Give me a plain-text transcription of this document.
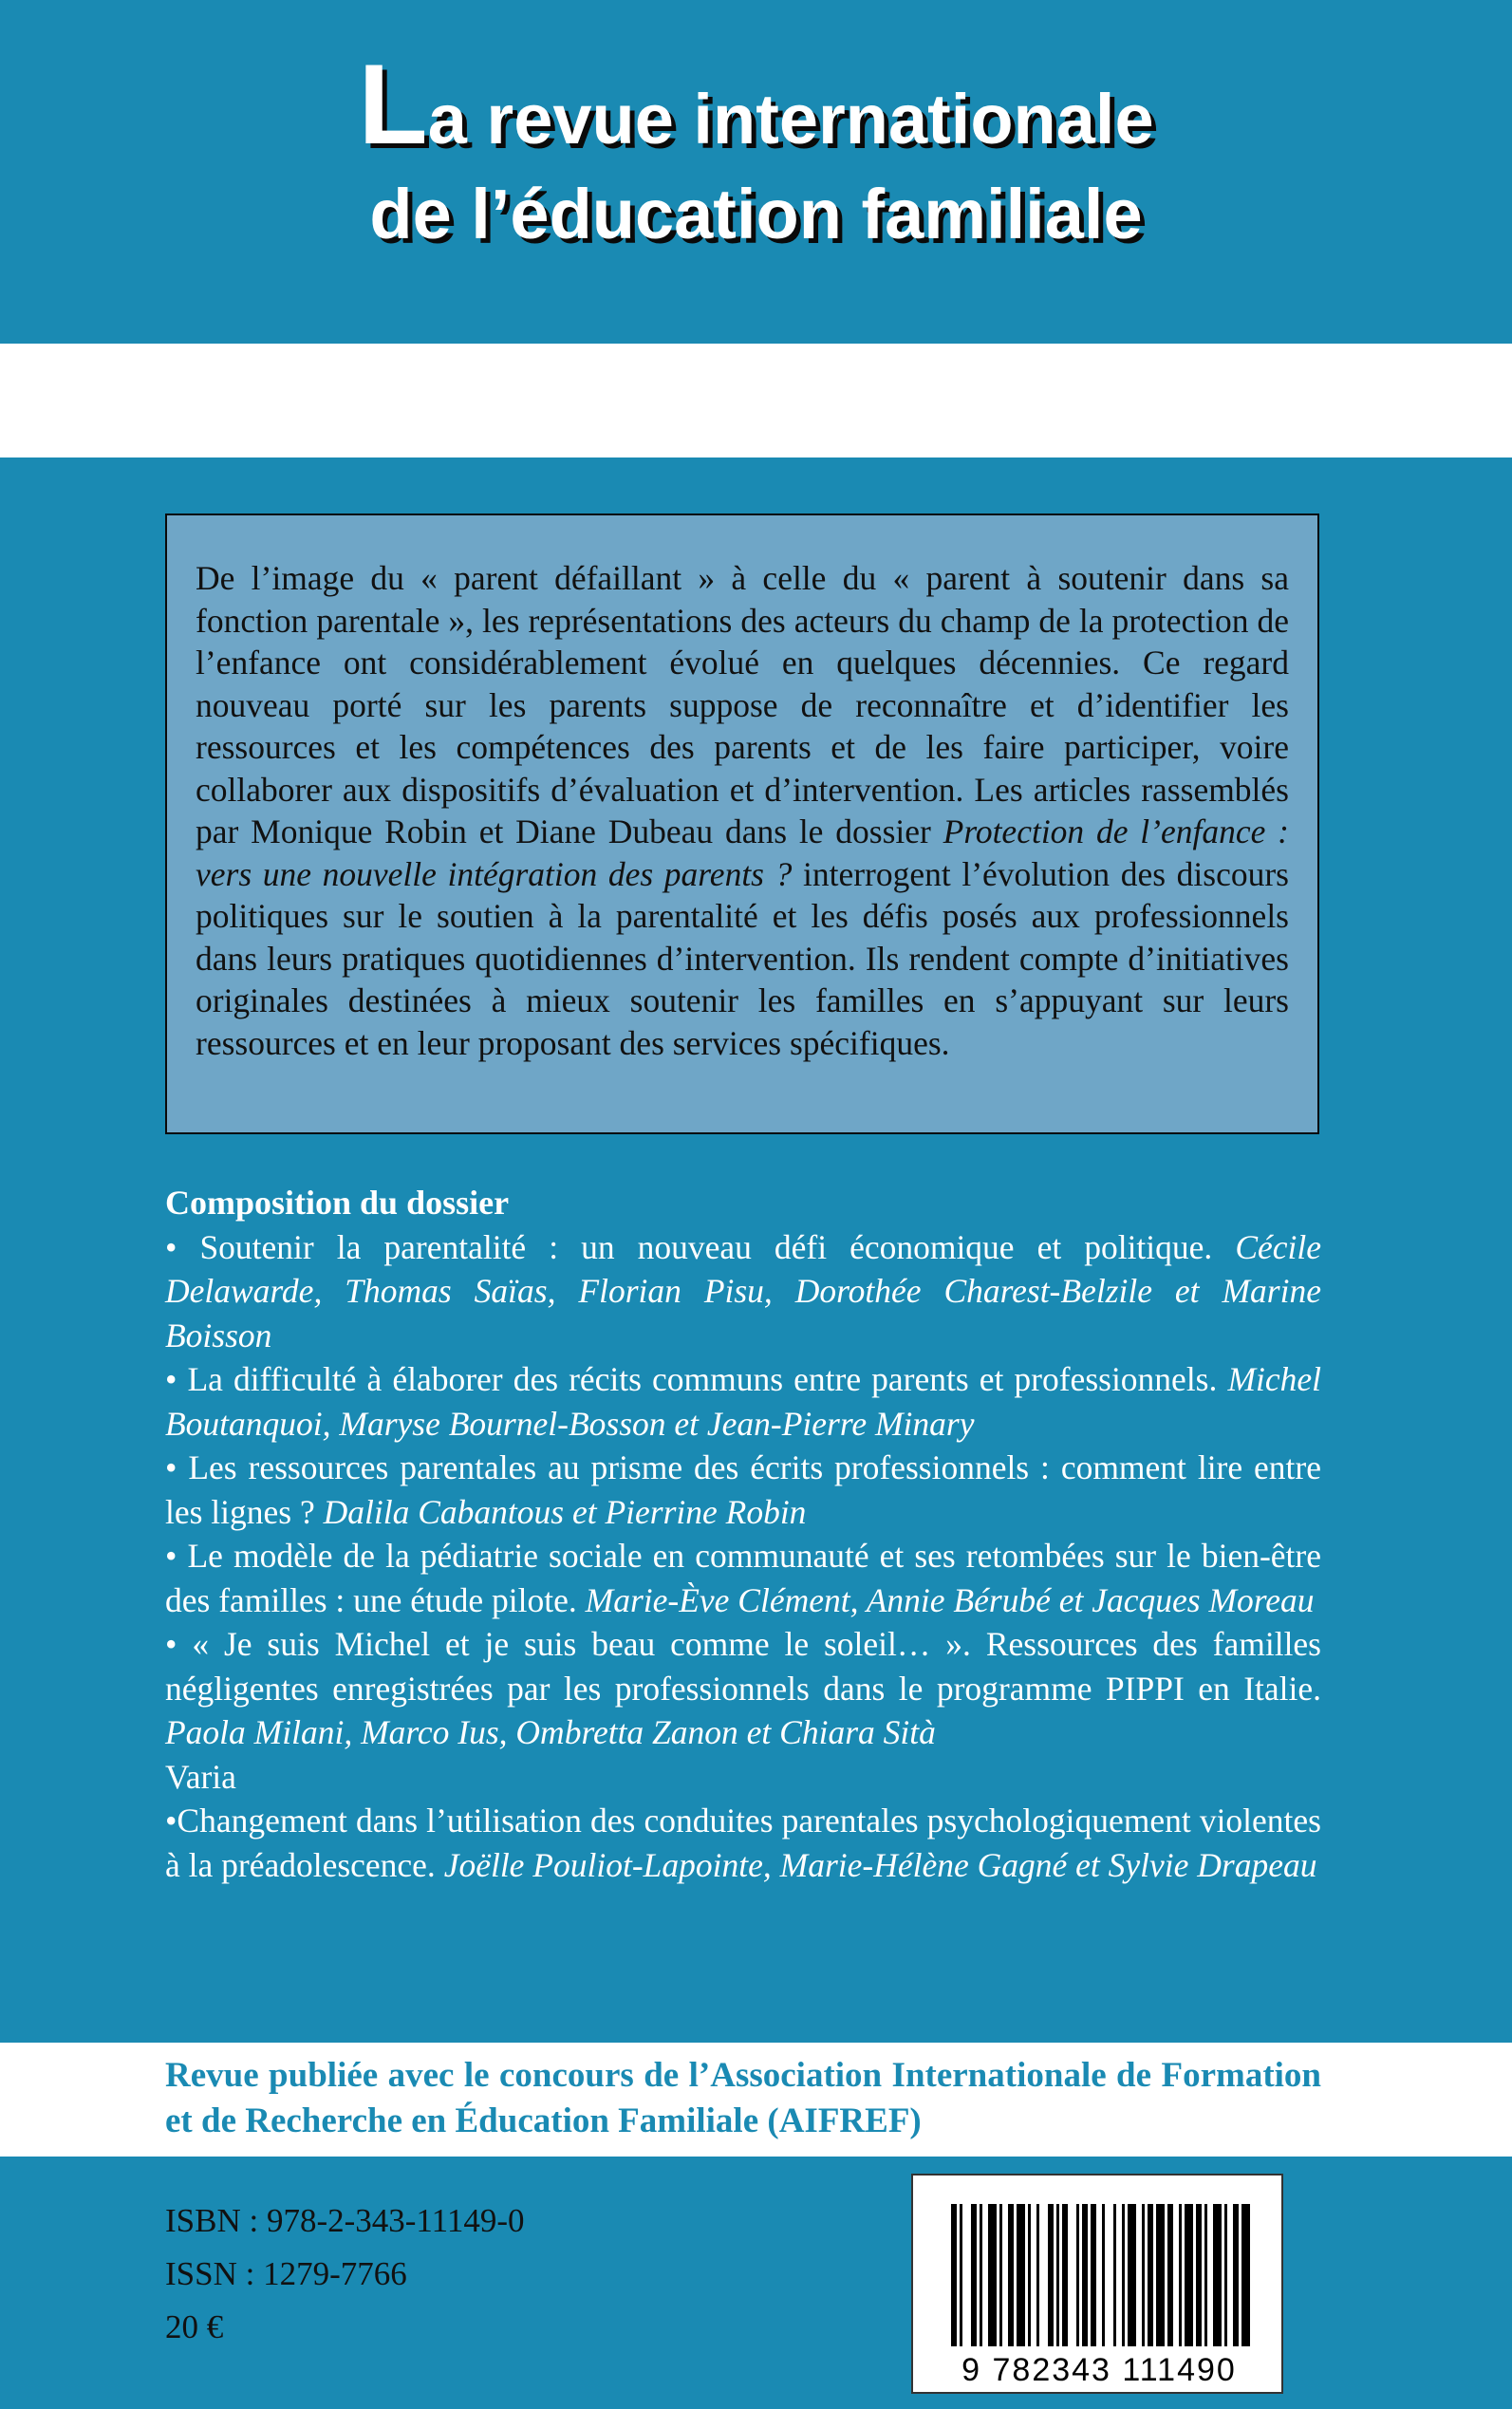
La revue internationale
de l’éducation familiale

De l’image du « parent défaillant » à celle du « parent à soutenir dans sa fonction parentale », les représentations des acteurs du champ de la protection de l’enfance ont considérablement évolué en quelques décennies. Ce regard nouveau porté sur les parents suppose de reconnaître et d’identifier les ressources et les compétences des parents et de les faire participer, voire collaborer aux dispositifs d’évaluation et d’intervention. Les articles rassemblés par Monique Robin et Diane Dubeau dans le dossier Protection de l’enfance : vers une nouvelle intégration des parents ? interrogent l’évolution des discours politiques sur le soutien à la parentalité et les défis posés aux professionnels dans leurs pratiques quotidiennes d’intervention. Ils rendent compte d’initiatives originales destinées à mieux soutenir les familles en s’appuyant sur leurs ressources et en leur proposant des services spécifiques.

Composition du dossier

• Soutenir la parentalité : un nouveau défi économique et politique. Cécile Delawarde, Thomas Saïas, Florian Pisu, Dorothée Charest-Belzile et Marine Boisson

• La difficulté à élaborer des récits communs entre parents et professionnels. Michel Boutanquoi, Maryse Bournel-Bosson et Jean-Pierre Minary

• Les ressources parentales au prisme des écrits professionnels : comment lire entre les lignes ? Dalila Cabantous et Pierrine Robin

• Le modèle de la pédiatrie sociale en communauté et ses retombées sur le bien-être des familles : une étude pilote. Marie-Ève Clément, Annie Bérubé et Jacques Moreau

• « Je suis Michel et je suis beau comme le soleil… ». Ressources des familles négligentes enregistrées par les professionnels dans le programme PIPPI en Italie. Paola Milani, Marco Ius, Ombretta Zanon et Chiara Sità

Varia

•Changement dans l’utilisation des conduites parentales psychologiquement violentes à la préadolescence. Joëlle Pouliot-Lapointe, Marie-Hélène Gagné et Sylvie Drapeau

Revue publiée avec le concours de l’Association Internationale de Formation et de Recherche en Éducation Familiale (AIFREF)
ISBN : 978-2-343-11149-0
ISSN : 1279-7766
20 €
9 782343 111490
